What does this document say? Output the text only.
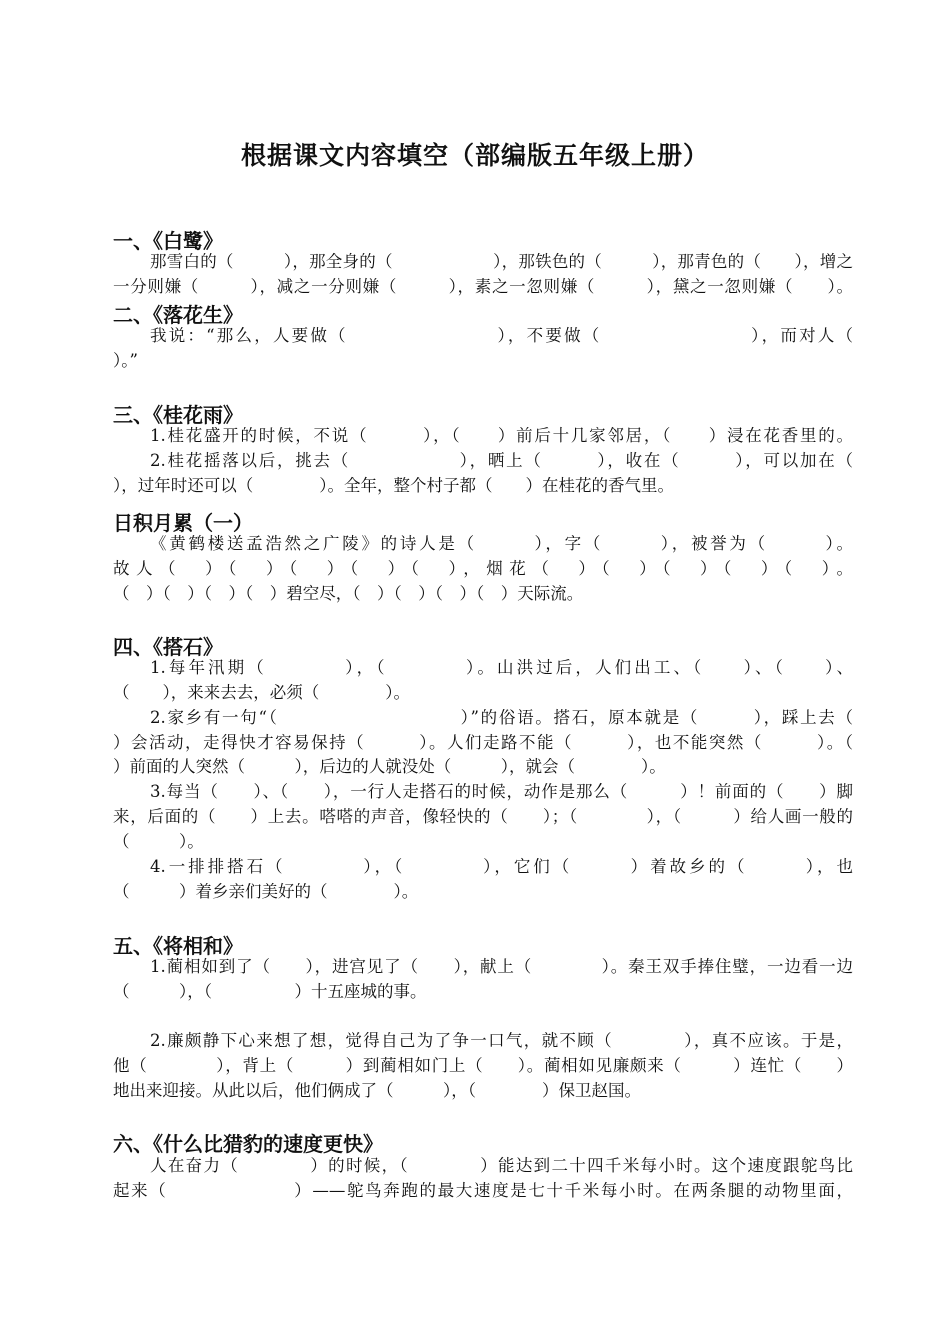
根据课文内容填空（部编版五年级上册）
一、《白鹭》
那雪白的（　　　），那全身的（　　　　　　），那铁色的（　　　），那青色的（　　），增之
一分则嫌（　　　），减之一分则嫌（　　　），素之一忽则嫌（　　　），黛之一忽则嫌（　　）。
二、《落花生》
我说：“那么，人要做（　　　　　　　　），不要做（　　　　　　　　），而对人（
）。”
三、《桂花雨》
1.桂花盛开的时候，不说（　　　），（　　）前后十几家邻居，（　　）浸在花香里的。
2.桂花摇落以后，挑去（　　　　　　），晒上（　　　），收在（　　　），可以加在（
），过年时还可以（　　　　）。全年，整个村子都（　　）在桂花的香气里。
日积月累（一）
《黄鹤楼送孟浩然之广陵》的诗人是（　　　），字（　　　），被誉为（　　　）。
故人（　）（　）（　）（　）（　），烟花（　）（　）（　）（　）（　）。
（　）（　）（　）（　）碧空尽，（　）（　）（　）（　）天际流。
四、《搭石》
1.每年汛期（　　　　），（　　　　）。山洪过后，人们出工、（　　）、（　　）、
（　　），来来去去，必须（　　　　）。
2.家乡有一句“（　　　　　　　　　　）”的俗语。搭石，原本就是（　　　），踩上去（
）会活动，走得快才容易保持（　　　）。人们走路不能（　　　），也不能突然（　　　）。（
）前面的人突然（　　　），后边的人就没处（　　　），就会（　　　　）。
3.每当（　　）、（　　），一行人走搭石的时候，动作是那么（　　　）！前面的（　　）脚
来，后面的（　　）上去。嗒嗒的声音，像轻快的（　　）；（　　　　），（　　　）给人画一般的
（　　　）。
4.一排排搭石（　　　　），（　　　　），它们（　　　）着故乡的（　　　），也
（　　　）着乡亲们美好的（　　　　）。
五、《将相和》
1.蔺相如到了（　　），进宫见了（　　），献上（　　　　）。秦王双手捧住璧，一边看一边
（　　　），（　　　　　）十五座城的事。
2.廉颇静下心来想了想，觉得自己为了争一口气，就不顾（　　　　），真不应该。于是，
他（　　　　），背上（　　　）到蔺相如门上（　　）。蔺相如见廉颇来（　　　）连忙（　　）
地出来迎接。从此以后，他们俩成了（　　　），（　　　　）保卫赵国。
六、《什么比猎豹的速度更快》
人在奋力（　　　　）的时候，（　　　　）能达到二十四千米每小时。这个速度跟鸵鸟比
起来（　　　　　　　）——鸵鸟奔跑的最大速度是七十千米每小时。在两条腿的动物里面，
